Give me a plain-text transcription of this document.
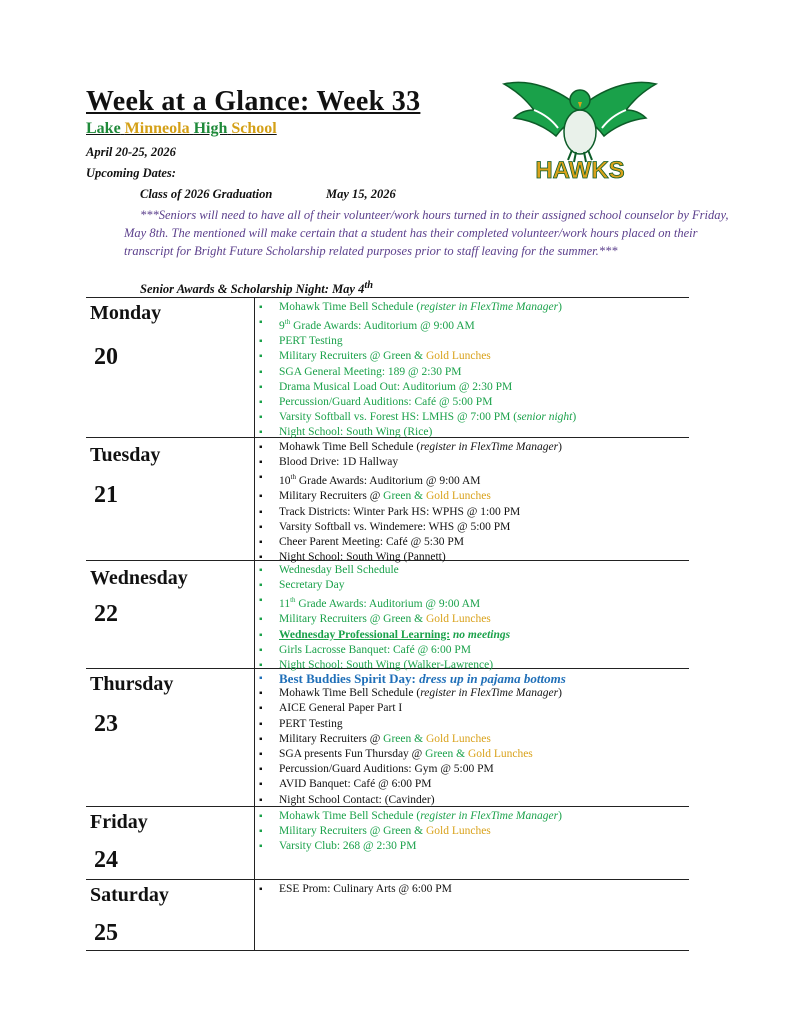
Week at a Glance: Week 33
Lake Minneola High School
April 20-25, 2026
Upcoming Dates:
Class of 2026 Graduation	May 15, 2026
***Seniors will need to have all of their volunteer/work hours turned in to their assigned school counselor by Friday, May 8th. The mentioned will make certain that a student has their completed volunteer/work hours placed on their transcript for Bright Future Scholarship related purposes prior to staff leaving for the summer.***
Senior Awards & Scholarship Night: May 4th
HAWKS
Monday
20
▪ Mohawk Time Bell Schedule (register in FlexTime Manager)
▪ 9th Grade Awards: Auditorium @ 9:00 AM
▪ PERT Testing
▪ Military Recruiters @ Green & Gold Lunches
▪ SGA General Meeting: 189 @ 2:30 PM
▪ Drama Musical Load Out: Auditorium @ 2:30 PM
▪ Percussion/Guard Auditions: Café @ 5:00 PM
▪ Varsity Softball vs. Forest HS: LMHS @ 7:00 PM (senior night)
▪ Night School: South Wing (Rice)
Tuesday
21
▪ Mohawk Time Bell Schedule (register in FlexTime Manager)
▪ Blood Drive: 1D Hallway
▪ 10th Grade Awards: Auditorium @ 9:00 AM
▪ Military Recruiters @ Green & Gold Lunches
▪ Track Districts: Winter Park HS: WPHS @ 1:00 PM
▪ Varsity Softball vs. Windemere: WHS @ 5:00 PM
▪ Cheer Parent Meeting: Café @ 5:30 PM
▪ Night School: South Wing (Pannett)
Wednesday
22
▪ Wednesday Bell Schedule
▪ Secretary Day
▪ 11th Grade Awards: Auditorium @ 9:00 AM
▪ Military Recruiters @ Green & Gold Lunches
▪ Wednesday Professional Learning: no meetings
▪ Girls Lacrosse Banquet: Café @ 6:00 PM
▪ Night School: South Wing (Walker-Lawrence)
Thursday
23
▪ Best Buddies Spirit Day: dress up in pajama bottoms
▪ Mohawk Time Bell Schedule (register in FlexTime Manager)
▪ AICE General Paper Part I
▪ PERT Testing
▪ Military Recruiters @ Green & Gold Lunches
▪ SGA presents Fun Thursday @ Green & Gold Lunches
▪ Percussion/Guard Auditions: Gym @ 5:00 PM
▪ AVID Banquet: Café @ 6:00 PM
▪ Night School Contact: (Cavinder)
Friday
24
▪ Mohawk Time Bell Schedule (register in FlexTime Manager)
▪ Military Recruiters @ Green & Gold Lunches
▪ Varsity Club: 268 @ 2:30 PM
Saturday
25
▪ ESE Prom: Culinary Arts @ 6:00 PM
